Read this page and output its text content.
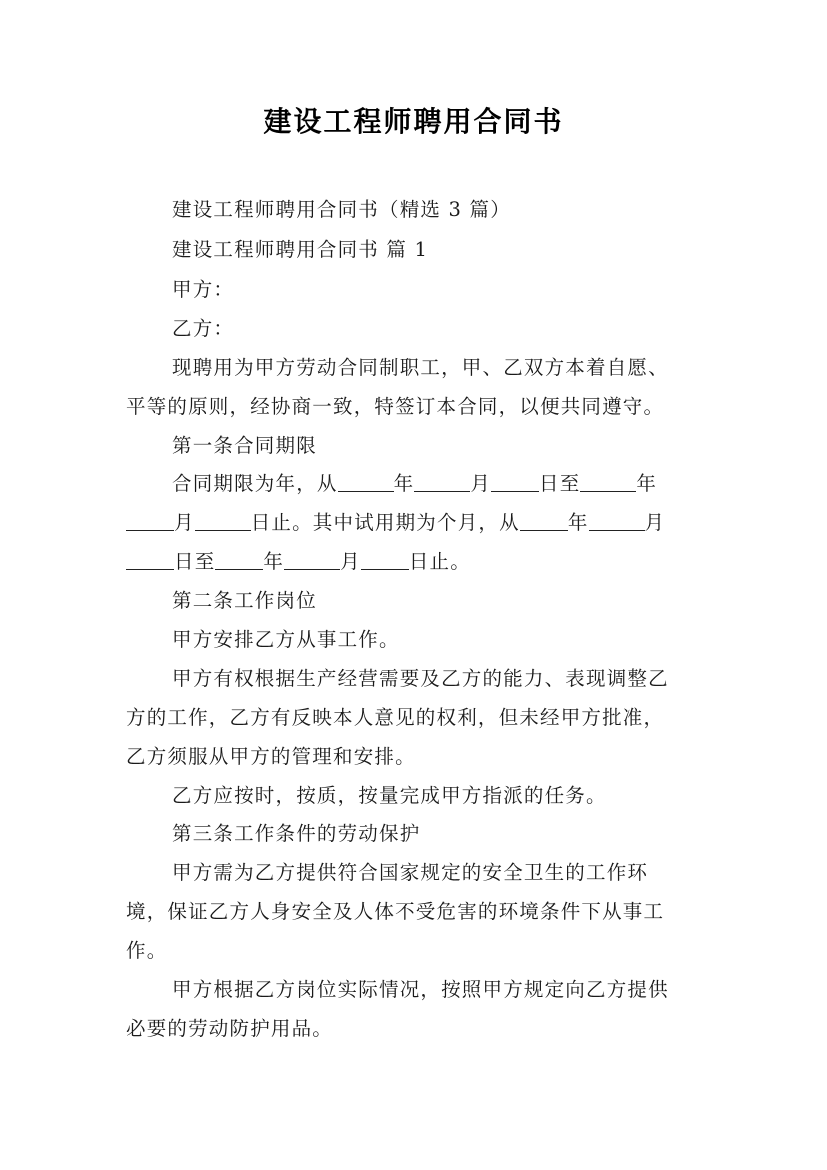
建设工程师聘用合同书
建设工程师聘用合同书（精选 3 篇）
建设工程师聘用合同书 篇 1
甲方：
乙方：
现聘用为甲方劳动合同制职工，甲、乙双方本着自愿、
平等的原则，经协商一致，特签订本合同，以便共同遵守。
第一条合同期限
合同期限为年，从	年	月 日至	年
月	日止。其中试用期为个月，从 年	月
日至 年	月 日止。
第二条工作岗位
甲方安排乙方从事工作。
甲方有权根据生产经营需要及乙方的能力、表现调整乙
方的工作，乙方有反映本人意见的权利，但未经甲方批准，
乙方须服从甲方的管理和安排。
乙方应按时，按质，按量完成甲方指派的任务。
第三条工作条件的劳动保护
甲方需为乙方提供符合国家规定的安全卫生的工作环
境，保证乙方人身安全及人体不受危害的环境条件下从事工
作。
甲方根据乙方岗位实际情况，按照甲方规定向乙方提供
必要的劳动防护用品。
